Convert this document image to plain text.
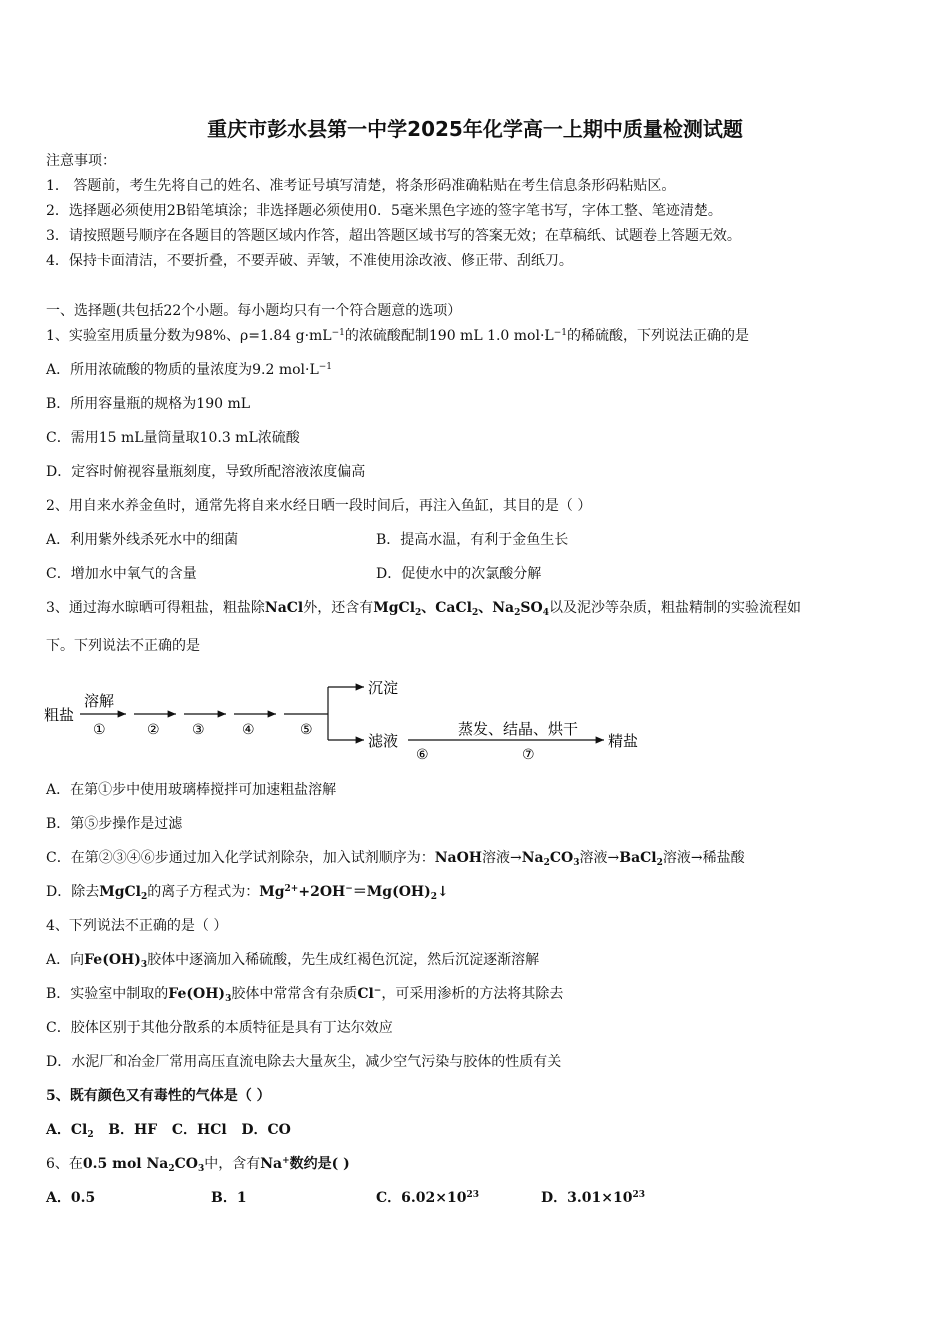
重庆市彭水县第一中学2025年化学高一上期中质量检测试题
注意事项：
1． 答题前，考生先将自己的姓名、准考证号填写清楚，将条形码准确粘贴在考生信息条形码粘贴区。
2．选择题必须使用2B铅笔填涂；非选择题必须使用0．5毫米黑色字迹的签字笔书写，字体工整、笔迹清楚。
3．请按照题号顺序在各题目的答题区域内作答，超出答题区域书写的答案无效；在草稿纸、试题卷上答题无效。
4．保持卡面清洁，不要折叠，不要弄破、弄皱，不准使用涂改液、修正带、刮纸刀。
一、选择题(共包括22个小题。每小题均只有一个符合题意的选项）
1、实验室用质量分数为98%、ρ=1.84 $g\cdot mL^{-1}$的浓硫酸配制190 mL 1.0 $mol\cdot L^{-1}$的稀硫酸，下列说法正确的是
A．所用浓硫酸的物质的量浓度为9.2 $mol\cdot L^{-1}$
B．所用容量瓶的规格为190 mL
C．需用15 mL量筒量取10.3 mL浓硫酸
D．定容时俯视容量瓶刻度，导致所配溶液浓度偏高
2、用自来水养金鱼时，通常先将自来水经日晒一段时间后，再注入鱼缸，其目的是（ ）
A．利用紫外线杀死水中的细菌	B．提高水温，有利于金鱼生长
C．增加水中氧气的含量	D．促使水中的次氯酸分解
3、通过海水晾晒可得粗盐，粗盐除NaCl外，还含有MgCl$_2$、CaCl$_2$、$Na_2SO_4$以及泥沙等杂质，粗盐精制的实验流程如
下。下列说法不正确的是
粗盐
溶解
①	② ③	④	⑤
沉淀
滤液
⑥
蒸发、结晶、烘干
⑦
精盐
A．在第①步中使用玻璃棒搅拌可加速粗盐溶解
B．第⑤步操作是过滤
C．在第②③④⑥步通过加入化学试剂除杂，加入试剂顺序为：NaOH溶液$\to Na_2CO_3$溶液→BaCl$_2$溶液→稀盐酸
D．除去MgCl$_2$的离子方程式为：$Mg^{2+}+2OH^-=Mg(OH)_2↓$
4、下列说法不正确的是（ ）
A．向$Fe(OH)_3$胶体中逐滴加入稀硫酸，先生成红褐色沉淀，然后沉淀逐渐溶解
B．实验室中制取的$Fe(OH)_3$胶体中常常含有杂质Cl−，可采用渗析的方法将其除去
C．胶体区别于其他分散系的本质特征是具有丁达尔效应
D．水泥厂和冶金厂常用高压直流电除去大量灰尘，减少空气污染与胶体的性质有关
5、既有颜色又有毒性的气体是（ ）
A．$Cl_2$ B．HF C．HCl D．CO
6、在0.5 mol $Na_2CO_3$中，含有Na+数约是( )
A．0.5	B．1	C．$6.02\times 10^{23}$	D．$3.01\times 10^{23}$
